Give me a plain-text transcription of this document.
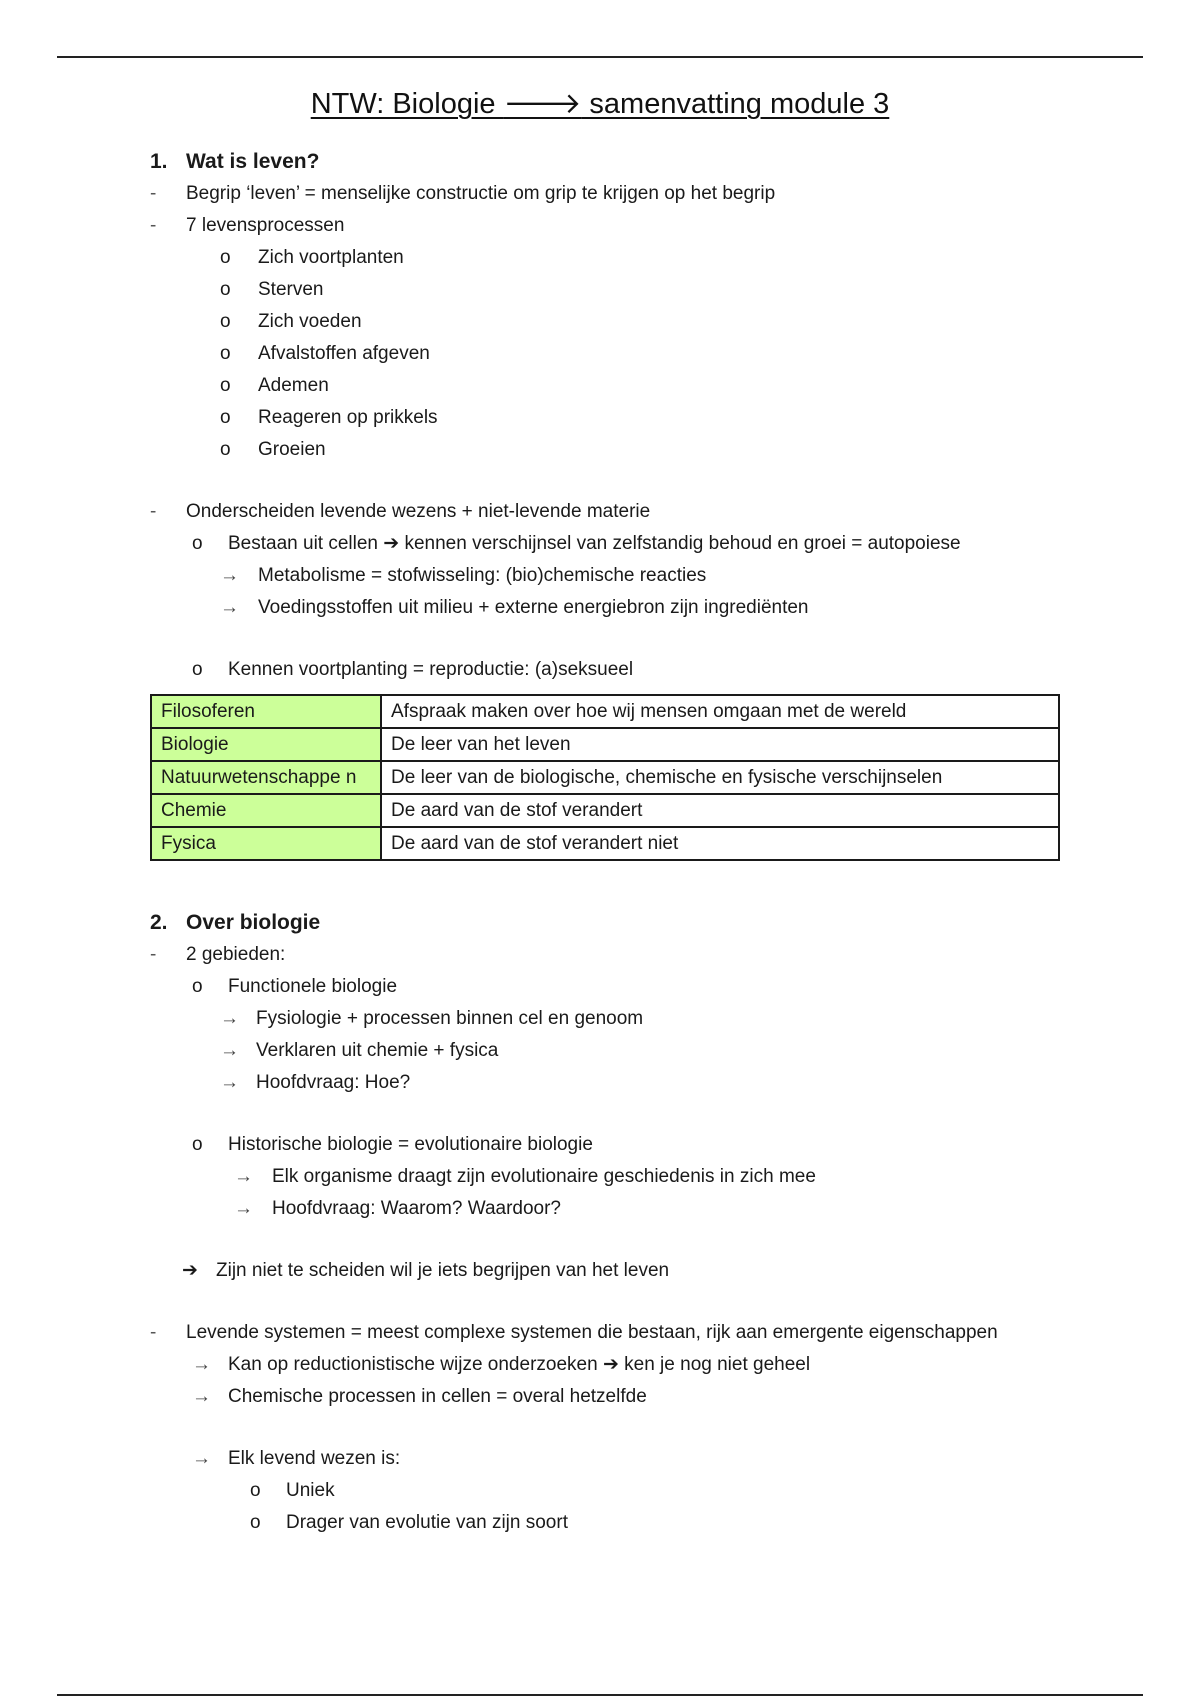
NTW: Biologie 🡒 samenvatting module 3
1. Wat is leven?
- Begrip ‘leven’ = menselijke constructie om grip te krijgen op het begrip
- 7 levensprocessen
o Zich voortplanten
o Sterven
o Zich voeden
o Afvalstoffen afgeven
o Ademen
o Reageren op prikkels
o Groeien
- Onderscheiden levende wezens + niet-levende materie
o Bestaan uit cellen ➔ kennen verschijnsel van zelfstandig behoud en groei = autopoiese
→ Metabolisme = stofwisseling: (bio)chemische reacties
→ Voedingsstoffen uit milieu + externe energiebron zijn ingrediënten
o Kennen voortplanting = reproductie: (a)seksueel
Filosoferen	Afspraak maken over hoe wij mensen omgaan met de wereld
Biologie	De leer van het leven
Natuurwetenschappe n	De leer van de biologische, chemische en fysische verschijnselen
Chemie	De aard van de stof verandert
Fysica	De aard van de stof verandert niet
2. Over biologie
- 2 gebieden:
o Functionele biologie
→ Fysiologie + processen binnen cel en genoom
→ Verklaren uit chemie + fysica
→ Hoofdvraag: Hoe?
o Historische biologie = evolutionaire biologie
→ Elk organisme draagt zijn evolutionaire geschiedenis in zich mee
→ Hoofdvraag: Waarom? Waardoor?
➔ Zijn niet te scheiden wil je iets begrijpen van het leven
- Levende systemen = meest complexe systemen die bestaan, rijk aan emergente eigenschappen
→ Kan op reductionistische wijze onderzoeken ➔ ken je nog niet geheel
→ Chemische processen in cellen = overal hetzelfde
→ Elk levend wezen is:
o Uniek
o Drager van evolutie van zijn soort
